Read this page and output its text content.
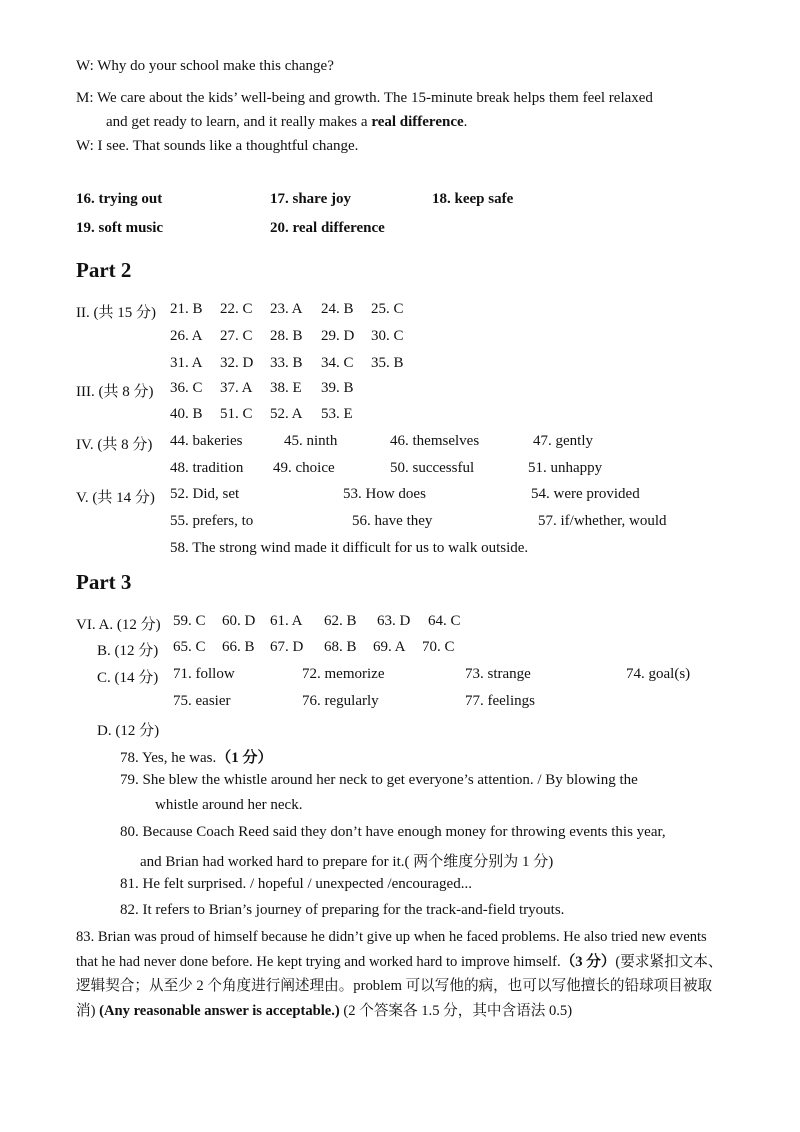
W: Why do your school make this change?
M: We care about the kids’ well-being and growth. The 15-minute break helps them feel relaxed
and get ready to learn, and it really makes a real difference.
W: I see. That sounds like a thoughtful change.
16. trying out	17. share joy	18. keep safe
19. soft music	20. real difference
Part 2
II. (共 15 分) 21. B 22. C 23. A 24. B 25. C
26. A 27. C 28. B 29. D 30. C
31. A 32. D 33. B 34. C 35. B
III. (共 8 分) 36. C 37. A 38. E 39. B
40. B 51. C 52. A 53. E
IV. (共 8 分) 44. bakeries	45. ninth	46. themselves	47. gently
48. tradition 49. choice	50. successful	51. unhappy
V. (共 14 分) 52. Did, set	53. How does	54. were provided
55. prefers, to	56. have they	57. if/whether, would
58. The strong wind made it difficult for us to walk outside.
Part 3
VI. A. (12 分) 59. C 60. D 61. A 62. B 63. D 64. C
B. (12 分) 65. C 66. B 67. D 68. B 69. A 70. C
C. (14 分) 71. follow	72. memorize	73. strange	74. goal(s)
75. easier	76. regularly	77. feelings
D. (12 分)
78. Yes, he was.（1 分）
79. She blew the whistle around her neck to get everyone’s attention. / By blowing the
whistle around her neck.
80. Because Coach Reed said they don’t have enough money for throwing events this year,
and Brian had worked hard to prepare for it.( 两个维度分别为 1 分)
81. He felt surprised. / hopeful / unexpected /encouraged...
82. It refers to Brian’s journey of preparing for the track-and-field tryouts.
83. Brian was proud of himself because he didn’t give up when he faced problems. He also tried new events that he had never done before. He kept trying and worked hard to improve himself.（3 分）(要求紧扣文本、逻辑契合；从至少 2 个角度进行阐述理由。problem 可以写他的病，也可以写他擅长的铅球项目被取消) (Any reasonable answer is acceptable.) (2 个答案各 1.5 分，其中含语法 0.5)
